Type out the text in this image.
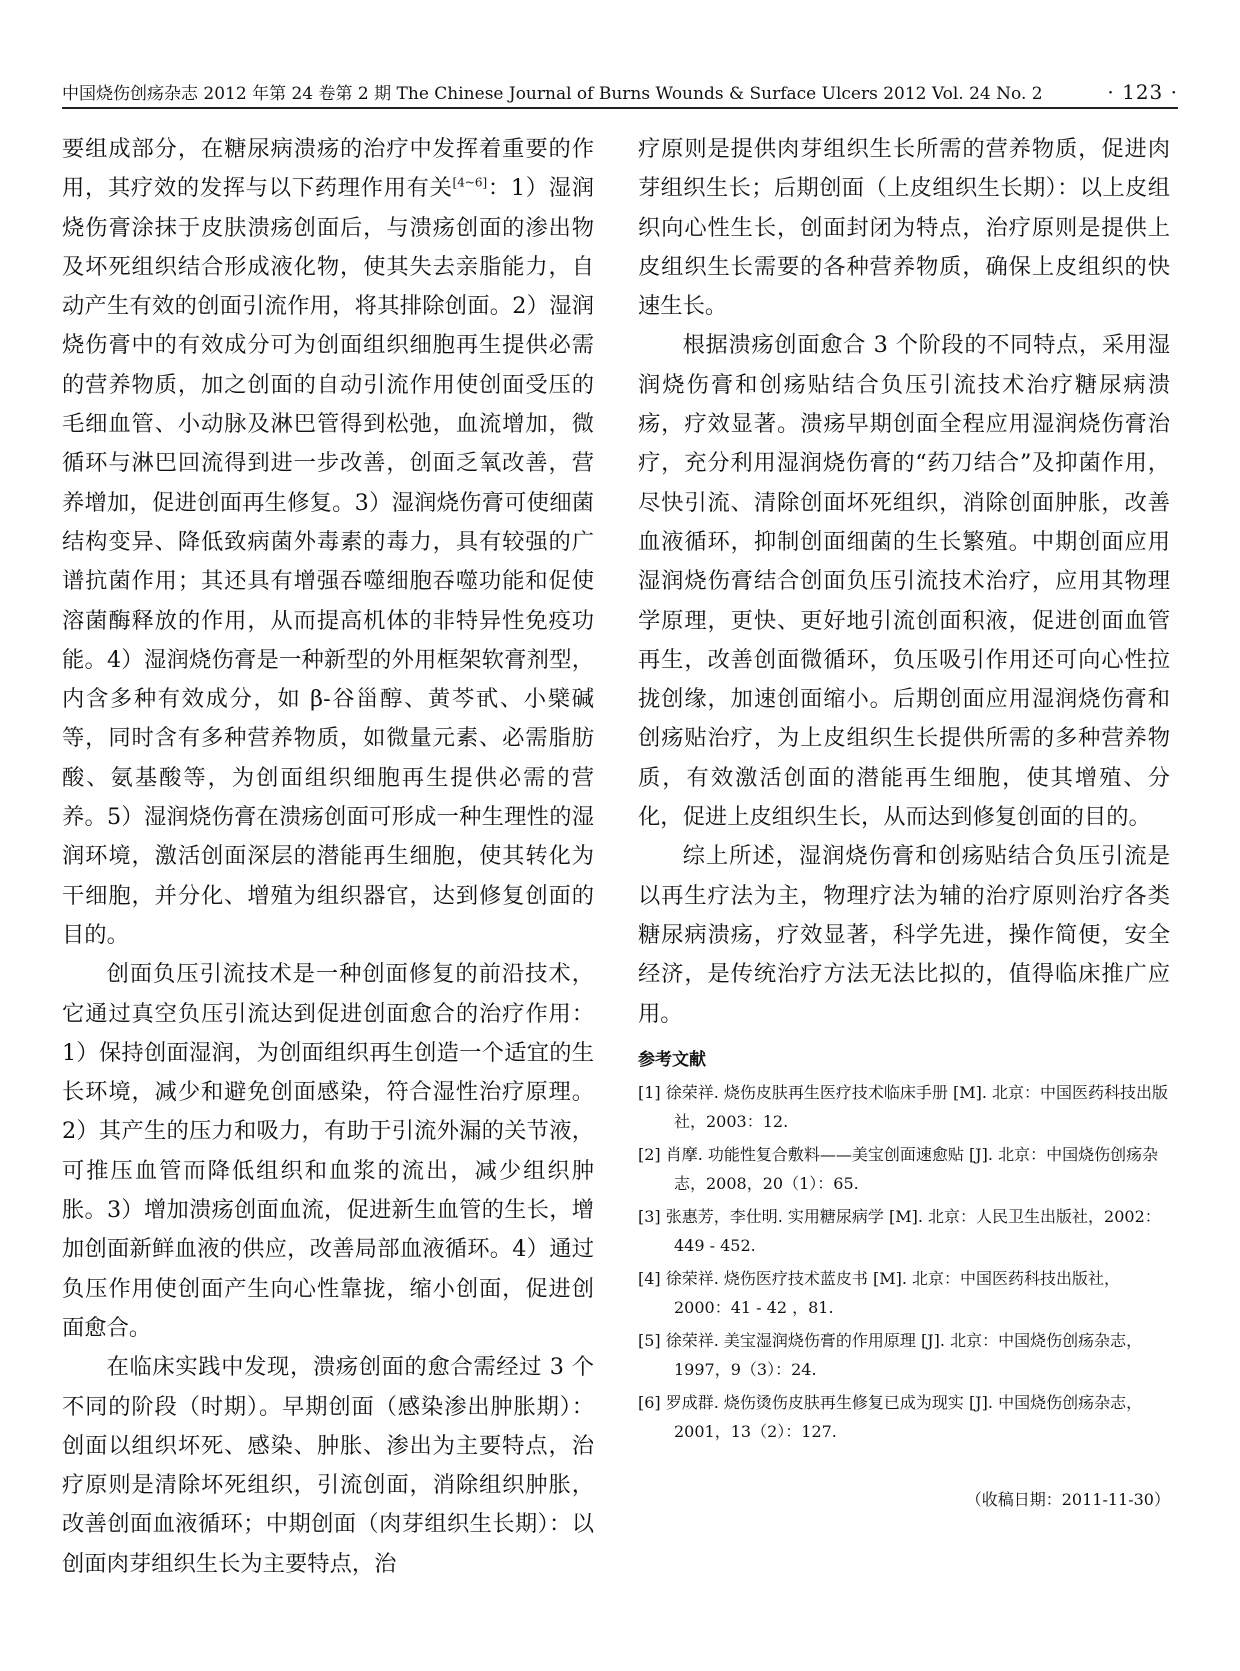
中国烧伤创疡杂志 2012 年第 24 卷第 2 期 The Chinese Journal of Burns Wounds & Surface Ulcers 2012 Vol. 24 No. 2	· 123 ·

要组成部分，在糖尿病溃疡的治疗中发挥着重要的作用，其疗效的发挥与以下药理作用有关[4~6]：1）湿润烧伤膏涂抹于皮肤溃疡创面后，与溃疡创面的渗出物及坏死组织结合形成液化物，使其失去亲脂能力，自动产生有效的创面引流作用，将其排除创面。2）湿润烧伤膏中的有效成分可为创面组织细胞再生提供必需的营养物质，加之创面的自动引流作用使创面受压的毛细血管、小动脉及淋巴管得到松弛，血流增加，微循环与淋巴回流得到进一步改善，创面乏氧改善，营养增加，促进创面再生修复。3）湿润烧伤膏可使细菌结构变异、降低致病菌外毒素的毒力，具有较强的广谱抗菌作用；其还具有增强吞噬细胞吞噬功能和促使溶菌酶释放的作用，从而提高机体的非特异性免疫功能。4）湿润烧伤膏是一种新型的外用框架软膏剂型，内含多种有效成分，如 β-谷甾醇、黄芩甙、小檗碱等，同时含有多种营养物质，如微量元素、必需脂肪酸、氨基酸等，为创面组织细胞再生提供必需的营养。5）湿润烧伤膏在溃疡创面可形成一种生理性的湿润环境，激活创面深层的潜能再生细胞，使其转化为干细胞，并分化、增殖为组织器官，达到修复创面的目的。

创面负压引流技术是一种创面修复的前沿技术，它通过真空负压引流达到促进创面愈合的治疗作用：1）保持创面湿润，为创面组织再生创造一个适宜的生长环境，减少和避免创面感染，符合湿性治疗原理。2）其产生的压力和吸力，有助于引流外漏的关节液，可推压血管而降低组织和血浆的流出，减少组织肿胀。3）增加溃疡创面血流，促进新生血管的生长，增加创面新鲜血液的供应，改善局部血液循环。4）通过负压作用使创面产生向心性靠拢，缩小创面，促进创面愈合。

在临床实践中发现，溃疡创面的愈合需经过 3 个不同的阶段（时期）。早期创面（感染渗出肿胀期）：创面以组织坏死、感染、肿胀、渗出为主要特点，治疗原则是清除坏死组织，引流创面，消除组织肿胀，改善创面血液循环；中期创面（肉芽组织生长期）：以创面肉芽组织生长为主要特点，治

疗原则是提供肉芽组织生长所需的营养物质，促进肉芽组织生长；后期创面（上皮组织生长期）：以上皮组织向心性生长，创面封闭为特点，治疗原则是提供上皮组织生长需要的各种营养物质，确保上皮组织的快速生长。

根据溃疡创面愈合 3 个阶段的不同特点，采用湿润烧伤膏和创疡贴结合负压引流技术治疗糖尿病溃疡，疗效显著。溃疡早期创面全程应用湿润烧伤膏治疗，充分利用湿润烧伤膏的“药刀结合”及抑菌作用，尽快引流、清除创面坏死组织，消除创面肿胀，改善血液循环，抑制创面细菌的生长繁殖。中期创面应用湿润烧伤膏结合创面负压引流技术治疗，应用其物理学原理，更快、更好地引流创面积液，促进创面血管再生，改善创面微循环，负压吸引作用还可向心性拉拢创缘，加速创面缩小。后期创面应用湿润烧伤膏和创疡贴治疗，为上皮组织生长提供所需的多种营养物质，有效激活创面的潜能再生细胞，使其增殖、分化，促进上皮组织生长，从而达到修复创面的目的。

综上所述，湿润烧伤膏和创疡贴结合负压引流是以再生疗法为主，物理疗法为辅的治疗原则治疗各类糖尿病溃疡，疗效显著，科学先进，操作简便，安全经济，是传统治疗方法无法比拟的，值得临床推广应用。

参考文献
[1] 徐荣祥. 烧伤皮肤再生医疗技术临床手册 [M]. 北京：中国医药科技出版社，2003：12.
[2] 肖摩. 功能性复合敷料——美宝创面速愈贴 [J]. 北京：中国烧伤创疡杂志，2008，20（1）：65.
[3] 张惠芳，李仕明. 实用糖尿病学 [M]. 北京：人民卫生出版社，2002：449 - 452.
[4] 徐荣祥. 烧伤医疗技术蓝皮书 [M]. 北京：中国医药科技出版社，2000：41 - 42 ，81.
[5] 徐荣祥. 美宝湿润烧伤膏的作用原理 [J]. 北京：中国烧伤创疡杂志，1997，9（3）：24.
[6] 罗成群. 烧伤烫伤皮肤再生修复已成为现实 [J]. 中国烧伤创疡杂志，2001，13（2）：127.
（收稿日期：2011-11-30）
